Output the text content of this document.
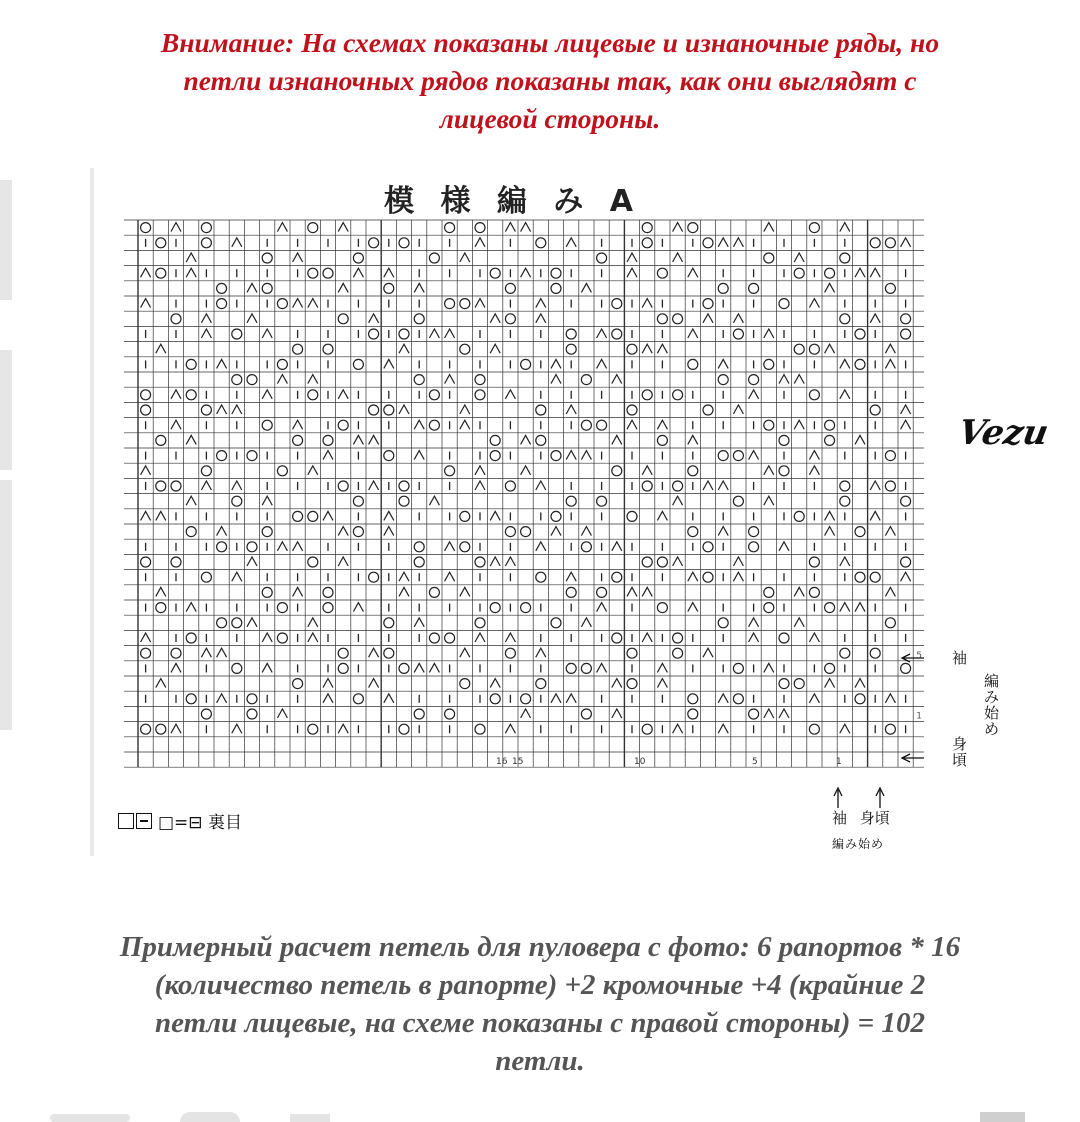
Внимание: На схемах показаны лицевые и изнаночные ряды, но
петли изнаночных рядов показаны так, как они выглядят с
лицевой стороны.
模 様 編 み A
16 15	10	5	1
5
1
Vezu
□=⊟ 裏目	袖 身頃
編み始め
袖
身頃
編み始め
Примерный расчет петель для пуловера с фото: 6 рапортов * 16
(количество петель в рапорте) +2 кромочные +4 (крайние 2
петли лицевые, на схеме показаны с правой стороны) = 102
петли.
